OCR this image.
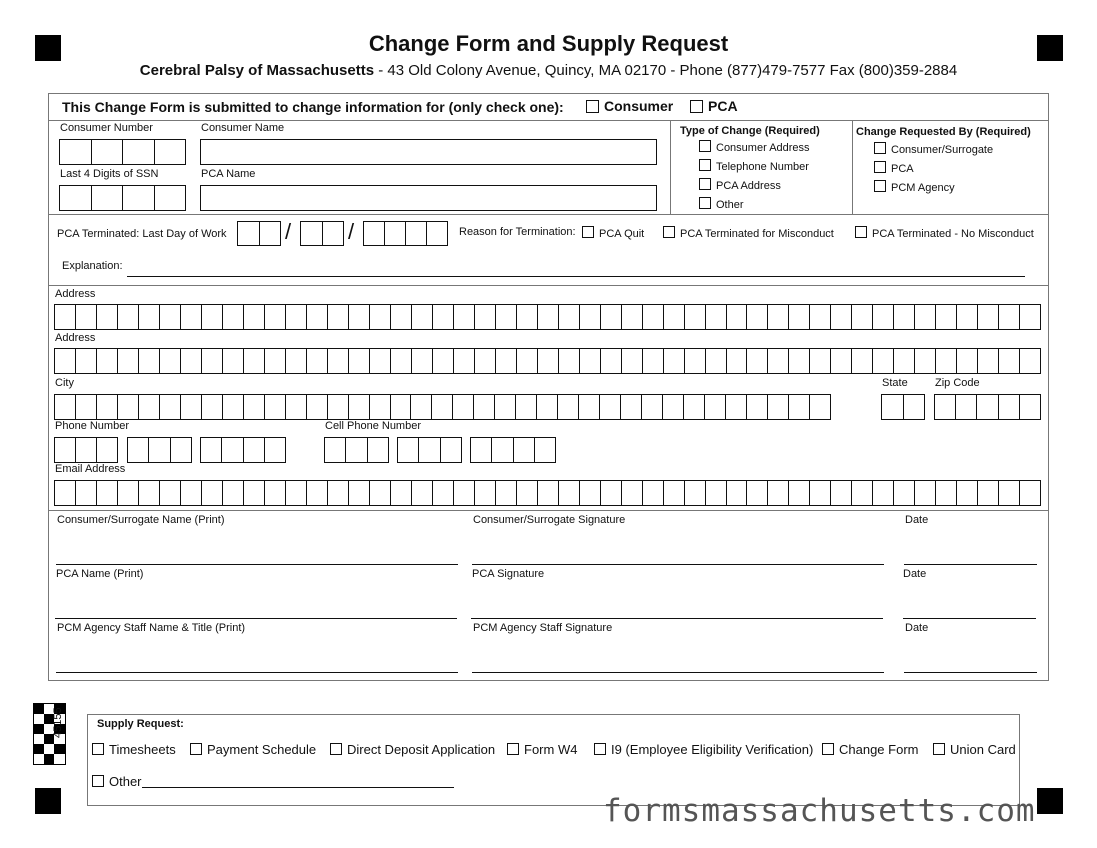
Change Form and Supply Request
Cerebral Palsy of Massachusetts - 43 Old Colony Avenue, Quincy, MA 02170 - Phone (877)479-7577 Fax (800)359-2884
This Change Form is submitted to change information for (only check one):	Consumer	PCA
Consumer Number	Consumer Name
Last 4 Digits of SSN	PCA Name
Type of Change (Required)
Consumer Address
Telephone Number
PCA Address
Other
Change Requested By (Required)
Consumer/Surrogate
PCA
PCM Agency
PCA Terminated: Last Day of Work	/	/	Reason for Termination:	PCA Quit	PCA Terminated for Misconduct	PCA Terminated - No Misconduct
Explanation:
Address
Address
City	State Zip Code
Phone Number	Cell Phone Number
Email Address
Consumer/Surrogate Name (Print)	Consumer/Surrogate Signature	Date
PCA Name (Print)	PCA Signature	Date
PCM Agency Staff Name & Title (Print)	PCM Agency Staff Signature	Date
45155	Supply Request:
Timesheets	Payment Schedule	Direct Deposit Application	Form W4	I9 (Employee Eligibility Verification)	Change Form	Union Card
Other
formsmassachusetts.com
